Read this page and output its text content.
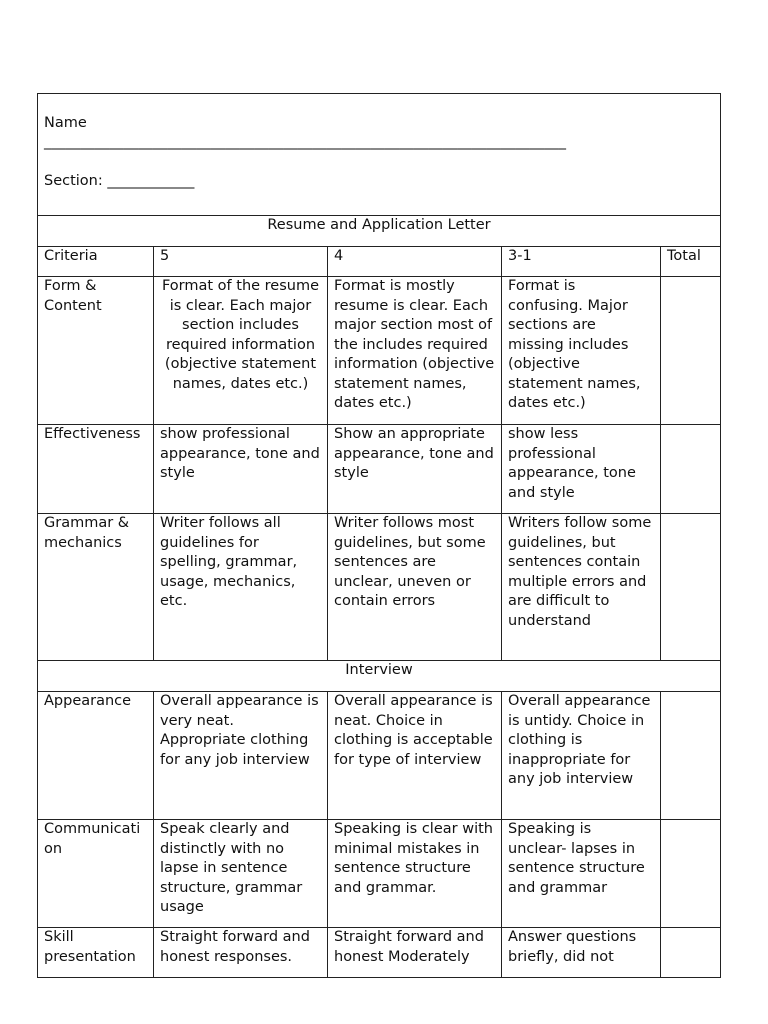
Name
________________________________________________________________________

Section: ____________				

Resume and Application Letter				
Criteria	5	4	3-1	Total
Form &
Content	Format of the resume is clear. Each major section includes required information (objective statement names, dates etc.)	Format is mostly resume is clear. Each major section most of the includes required information (objective statement names, dates etc.)	Format is confusing. Major sections are missing includes (objective statement names, dates etc.)	
Effectiveness	show professional appearance, tone and style	Show an appropriate appearance, tone and style	show less professional appearance, tone and style	
Grammar &
mechanics	Writer follows all guidelines for spelling, grammar, usage, mechanics, etc.	Writer follows most guidelines, but some sentences are unclear, uneven or contain errors	Writers follow some guidelines, but sentences contain multiple errors and are difficult to understand	
Interview				
Appearance	Overall appearance is very neat. Appropriate clothing for any job interview	Overall appearance is neat. Choice in clothing is acceptable for type of interview	Overall appearance is untidy. Choice in clothing is inappropriate for any job interview	
Communicati
on	Speak clearly and distinctly with no lapse in sentence structure, grammar usage	Speaking is clear with minimal mistakes in sentence structure and grammar.	Speaking is unclear- lapses in sentence structure and grammar	
Skill
presentation	Straight forward and honest responses.	Straight forward and honest Moderately	Answer questions briefly, did not	
